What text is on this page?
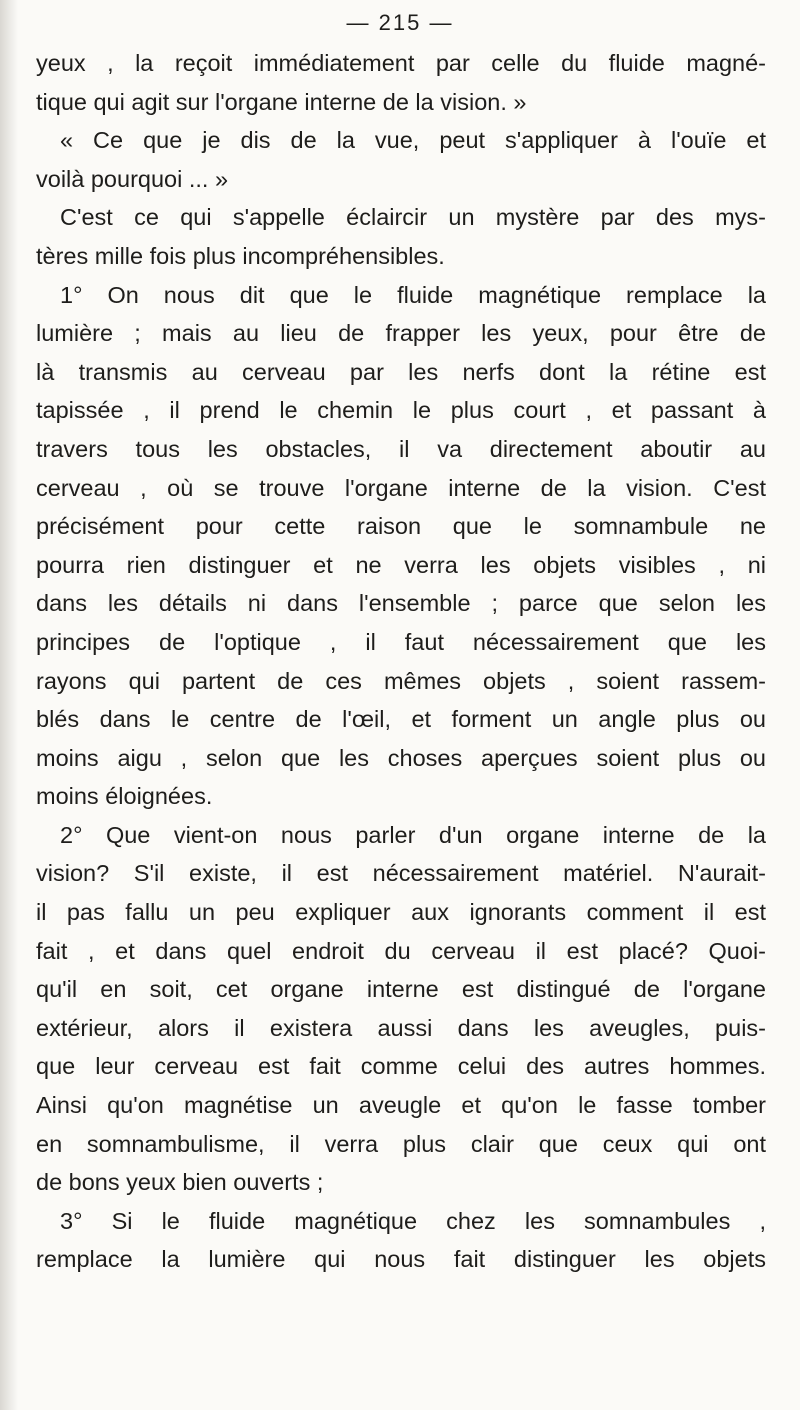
— 215 —
yeux , la reçoit immédiatement par celle du fluide magné-
tique qui agit sur l'organe interne de la vision. »
« Ce que je dis de la vue, peut s'appliquer à l'ouïe et
voilà pourquoi ... »
C'est ce qui s'appelle éclaircir un mystère par des mys-
tères mille fois plus incompréhensibles.
1° On nous dit que le fluide magnétique remplace la
lumière ; mais au lieu de frapper les yeux, pour être de
là transmis au cerveau par les nerfs dont la rétine est
tapissée , il prend le chemin le plus court , et passant à
travers tous les obstacles, il va directement aboutir au
cerveau , où se trouve l'organe interne de la vision. C'est
précisément pour cette raison que le somnambule ne
pourra rien distinguer et ne verra les objets visibles , ni
dans les détails ni dans l'ensemble ; parce que selon les
principes de l'optique , il faut nécessairement que les
rayons qui partent de ces mêmes objets , soient rassem-
blés dans le centre de l'œil, et forment un angle plus ou
moins aigu , selon que les choses aperçues soient plus ou
moins éloignées.
2° Que vient-on nous parler d'un organe interne de la
vision? S'il existe, il est nécessairement matériel. N'aurait-
il pas fallu un peu expliquer aux ignorants comment il est
fait , et dans quel endroit du cerveau il est placé? Quoi-
qu'il en soit, cet organe interne est distingué de l'organe
extérieur, alors il existera aussi dans les aveugles, puis-
que leur cerveau est fait comme celui des autres hommes.
Ainsi qu'on magnétise un aveugle et qu'on le fasse tomber
en somnambulisme, il verra plus clair que ceux qui ont
de bons yeux bien ouverts ;
3° Si le fluide magnétique chez les somnambules ,
remplace la lumière qui nous fait distinguer les objets
